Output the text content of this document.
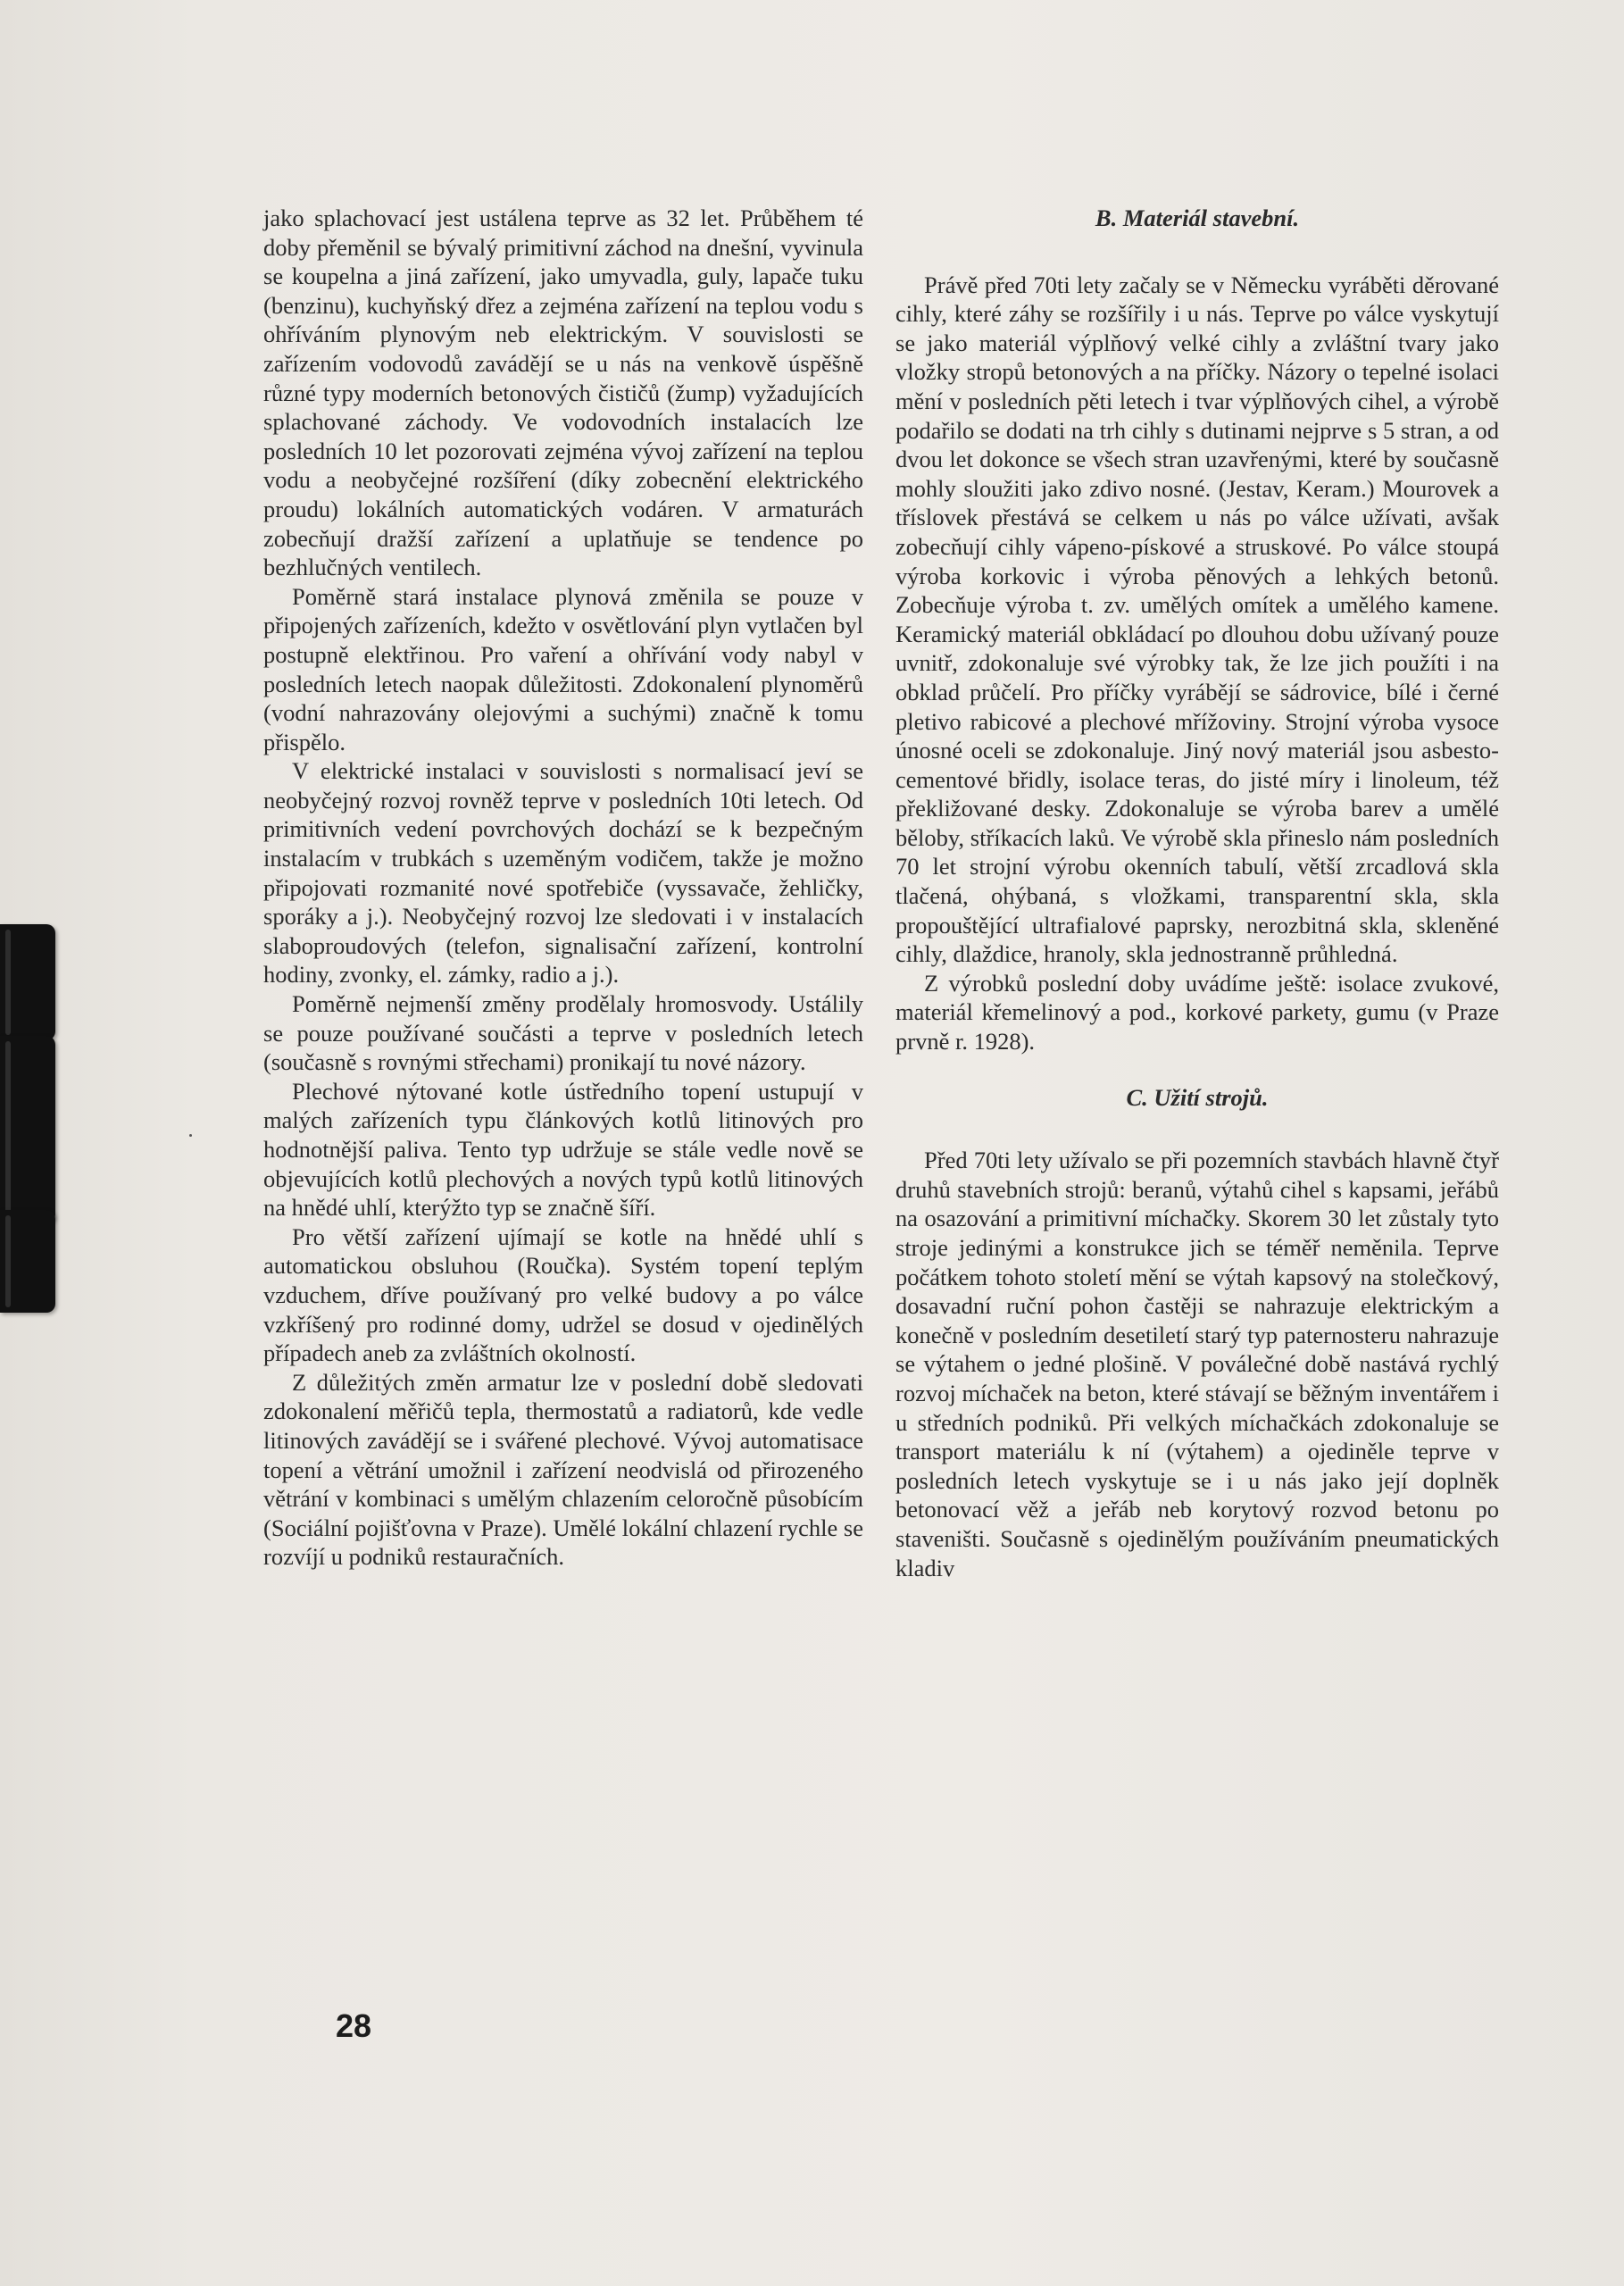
jako splachovací jest ustálena teprve as 32 let. Průběhem té doby přeměnil se bývalý primitivní záchod na dnešní, vyvinula se koupelna a jiná zařízení, jako umyvadla, guly, lapače tuku (benzinu), kuchyňský dřez a zejména zařízení na teplou vodu s ohříváním plynovým neb elektrickým. V souvislosti se zařízením vodovodů zavádějí se u nás na venkově úspěšně různé typy moderních betonových čističů (žump) vyžadujících splachované záchody. Ve vodovodních instalacích lze posledních 10 let pozorovati zejména vývoj zařízení na teplou vodu a neobyčejné rozšíření (díky zobecnění elektrického proudu) lokálních automatických vodáren. V armaturách zobecňují dražší zařízení a uplatňuje se tendence po bezhlučných ventilech.

Poměrně stará instalace plynová změnila se pouze v připojených zařízeních, kdežto v osvětlování plyn vytlačen byl postupně elektřinou. Pro vaření a ohřívání vody nabyl v posledních letech naopak důležitosti. Zdokonalení plynoměrů (vodní nahrazovány olejovými a suchými) značně k tomu přispělo.

V elektrické instalaci v souvislosti s normalisací jeví se neobyčejný rozvoj rovněž teprve v posledních 10ti letech. Od primitivních vedení povrchových dochází se k bezpečným instalacím v trubkách s uzeměným vodičem, takže je možno připojovati rozmanité nové spotřebiče (vyssavače, žehličky, sporáky a j.). Neobyčejný rozvoj lze sledovati i v instalacích slaboproudových (telefon, signalisační zařízení, kontrolní hodiny, zvonky, el. zámky, radio a j.).

Poměrně nejmenší změny prodělaly hromosvody. Ustálily se pouze používané součásti a teprve v posledních letech (současně s rovnými střechami) pronikají tu nové názory.

Plechové nýtované kotle ústředního topení ustupují v malých zařízeních typu článkových kotlů litinových pro hodnotnější paliva. Tento typ udržuje se stále vedle nově se objevujících kotlů plechových a nových typů kotlů litinových na hnědé uhlí, kterýžto typ se značně šíří.

Pro větší zařízení ujímají se kotle na hnědé uhlí s automatickou obsluhou (Roučka). Systém topení teplým vzduchem, dříve používaný pro velké budovy a po válce vzkříšený pro rodinné domy, udržel se dosud v ojedinělých případech aneb za zvláštních okolností.

Z důležitých změn armatur lze v poslední době sledovati zdokonalení měřičů tepla, thermostatů a radiatorů, kde vedle litinových zavádějí se i svářené plechové. Vývoj automatisace topení a větrání umožnil i zařízení neodvislá od přirozeného větrání v kombinaci s umělým chlazením celoročně působícím (Sociální pojišťovna v Praze). Umělé lokální chlazení rychle se rozvíjí u podniků restauračních.

B. Materiál stavební.

Právě před 70ti lety začaly se v Německu vyráběti děrované cihly, které záhy se rozšířily i u nás. Teprve po válce vyskytují se jako materiál výplňový velké cihly a zvláštní tvary jako vložky stropů betonových a na příčky. Názory o tepelné isolaci mění v posledních pěti letech i tvar výplňových cihel, a výrobě podařilo se dodati na trh cihly s dutinami nejprve s 5 stran, a od dvou let dokonce se všech stran uzavřenými, které by současně mohly sloužiti jako zdivo nosné. (Jestav, Keram.) Mourovek a tříslovek přestává se celkem u nás po válce užívati, avšak zobecňují cihly vápeno-pískové a struskové. Po válce stoupá výroba korkovic i výroba pěnových a lehkých betonů. Zobecňuje výroba t. zv. umělých omítek a umělého kamene. Keramický materiál obkládací po dlouhou dobu užívaný pouze uvnitř, zdokonaluje své výrobky tak, že lze jich použíti i na obklad průčelí. Pro příčky vyrábějí se sádrovice, bílé i černé pletivo rabicové a plechové mřížoviny. Strojní výroba vysoce únosné oceli se zdokonaluje. Jiný nový materiál jsou asbesto-cementové břidly, isolace teras, do jisté míry i linoleum, též překližované desky. Zdokonaluje se výroba barev a umělé běloby, stříkacích laků. Ve výrobě skla přineslo nám posledních 70 let strojní výrobu okenních tabulí, větší zrcadlová skla tlačená, ohýbaná, s vložkami, transparentní skla, skla propouštějící ultrafialové paprsky, nerozbitná skla, skleněné cihly, dlaždice, hranoly, skla jednostranně průhledná.

Z výrobků poslední doby uvádíme ještě: isolace zvukové, materiál křemelinový a pod., korkové parkety, gumu (v Praze prvně r. 1928).

C. Užití strojů.

Před 70ti lety užívalo se při pozemních stavbách hlavně čtyř druhů stavebních strojů: beranů, výtahů cihel s kapsami, jeřábů na osazování a primitivní míchačky. Skorem 30 let zůstaly tyto stroje jedinými a konstrukce jich se téměř neměnila. Teprve počátkem tohoto století mění se výtah kapsový na stolečkový, dosavadní ruční pohon častěji se nahrazuje elektrickým a konečně v posledním desetiletí starý typ paternosteru nahrazuje se výtahem o jedné plošině. V poválečné době nastává rychlý rozvoj míchaček na beton, které stávají se běžným inventářem i u středních podniků. Při velkých míchačkách zdokonaluje se transport materiálu k ní (výtahem) a ojediněle teprve v posledních letech vyskytuje se i u nás jako její doplněk betonovací věž a jeřáb neb korytový rozvod betonu po staveništi. Současně s ojedinělým používáním pneumatických kladiv

28
